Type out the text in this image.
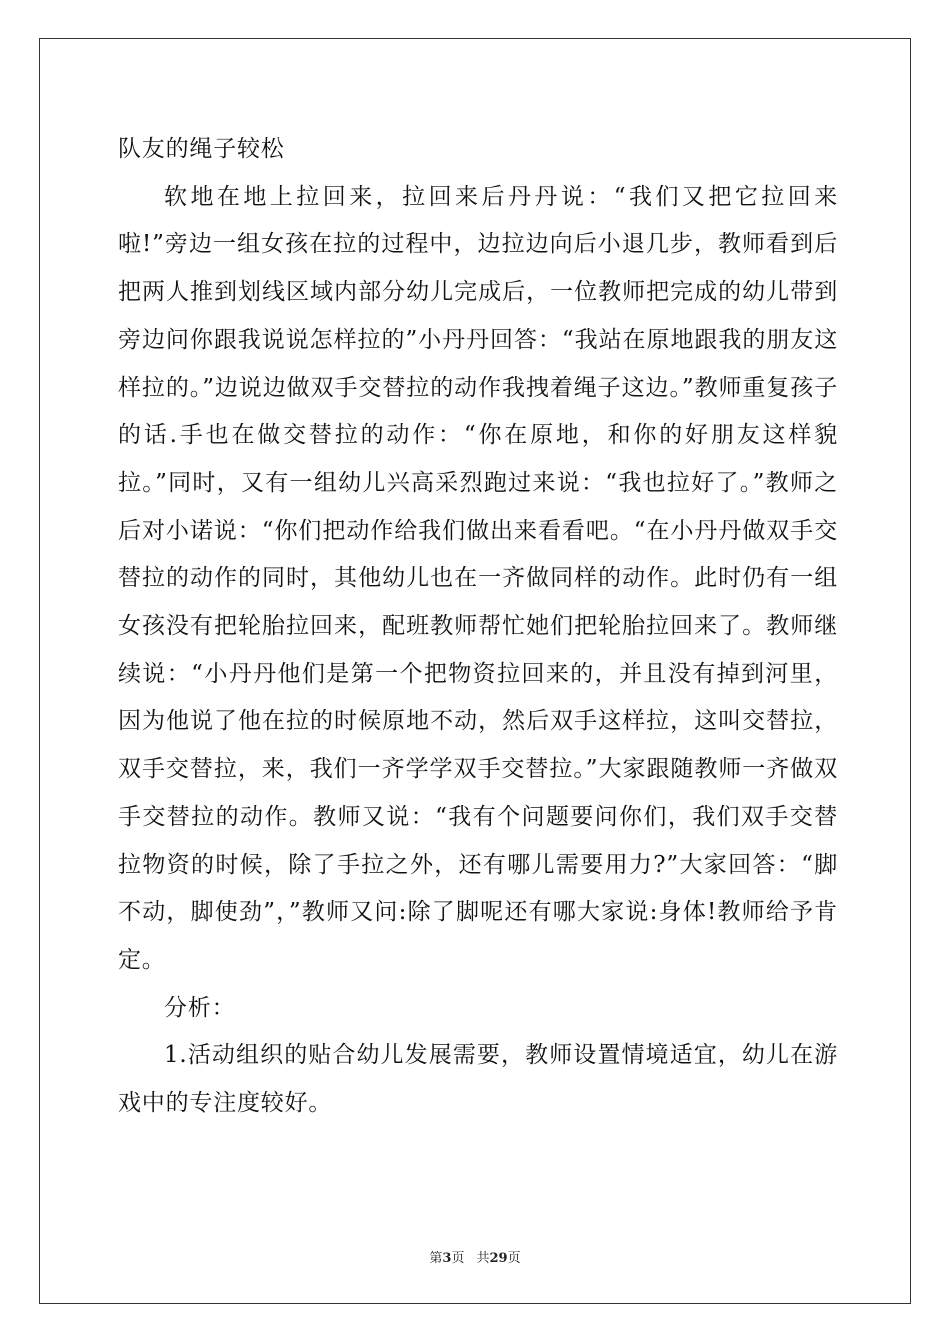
队友的绳子较松

软地在地上拉回来，拉回来后丹丹说：“我们又把它拉回来啦!”旁边一组女孩在拉的过程中，边拉边向后小退几步，教师看到后把两人推到划线区域内部分幼儿完成后，一位教师把完成的幼儿带到旁边问你跟我说说怎样拉的”小丹丹回答：“我站在原地跟我的朋友这样拉的。”边说边做双手交替拉的动作我拽着绳子这边。”教师重复孩子的话.手也在做交替拉的动作：“你在原地，和你的好朋友这样貌拉。”同时，又有一组幼儿兴高采烈跑过来说：“我也拉好了。”教师之后对小诺说：“你们把动作给我们做出来看看吧。“在小丹丹做双手交替拉的动作的同时，其他幼儿也在一齐做同样的动作。此时仍有一组女孩没有把轮胎拉回来，配班教师帮忙她们把轮胎拉回来了。教师继续说：“小丹丹他们是第一个把物资拉回来的，并且没有掉到河里，因为他说了他在拉的时候原地不动，然后双手这样拉，这叫交替拉，双手交替拉，来，我们一齐学学双手交替拉。”大家跟随教师一齐做双手交替拉的动作。教师又说：“我有个问题要问你们，我们双手交替拉物资的时候，除了手拉之外，还有哪儿需要用力?”大家回答：“脚不动，脚使劲”，”教师又问:除了脚呢还有哪大家说:身体!教师给予肯定。

分析：

1.活动组织的贴合幼儿发展需要，教师设置情境适宜，幼儿在游戏中的专注度较好。

第3页 共29页
